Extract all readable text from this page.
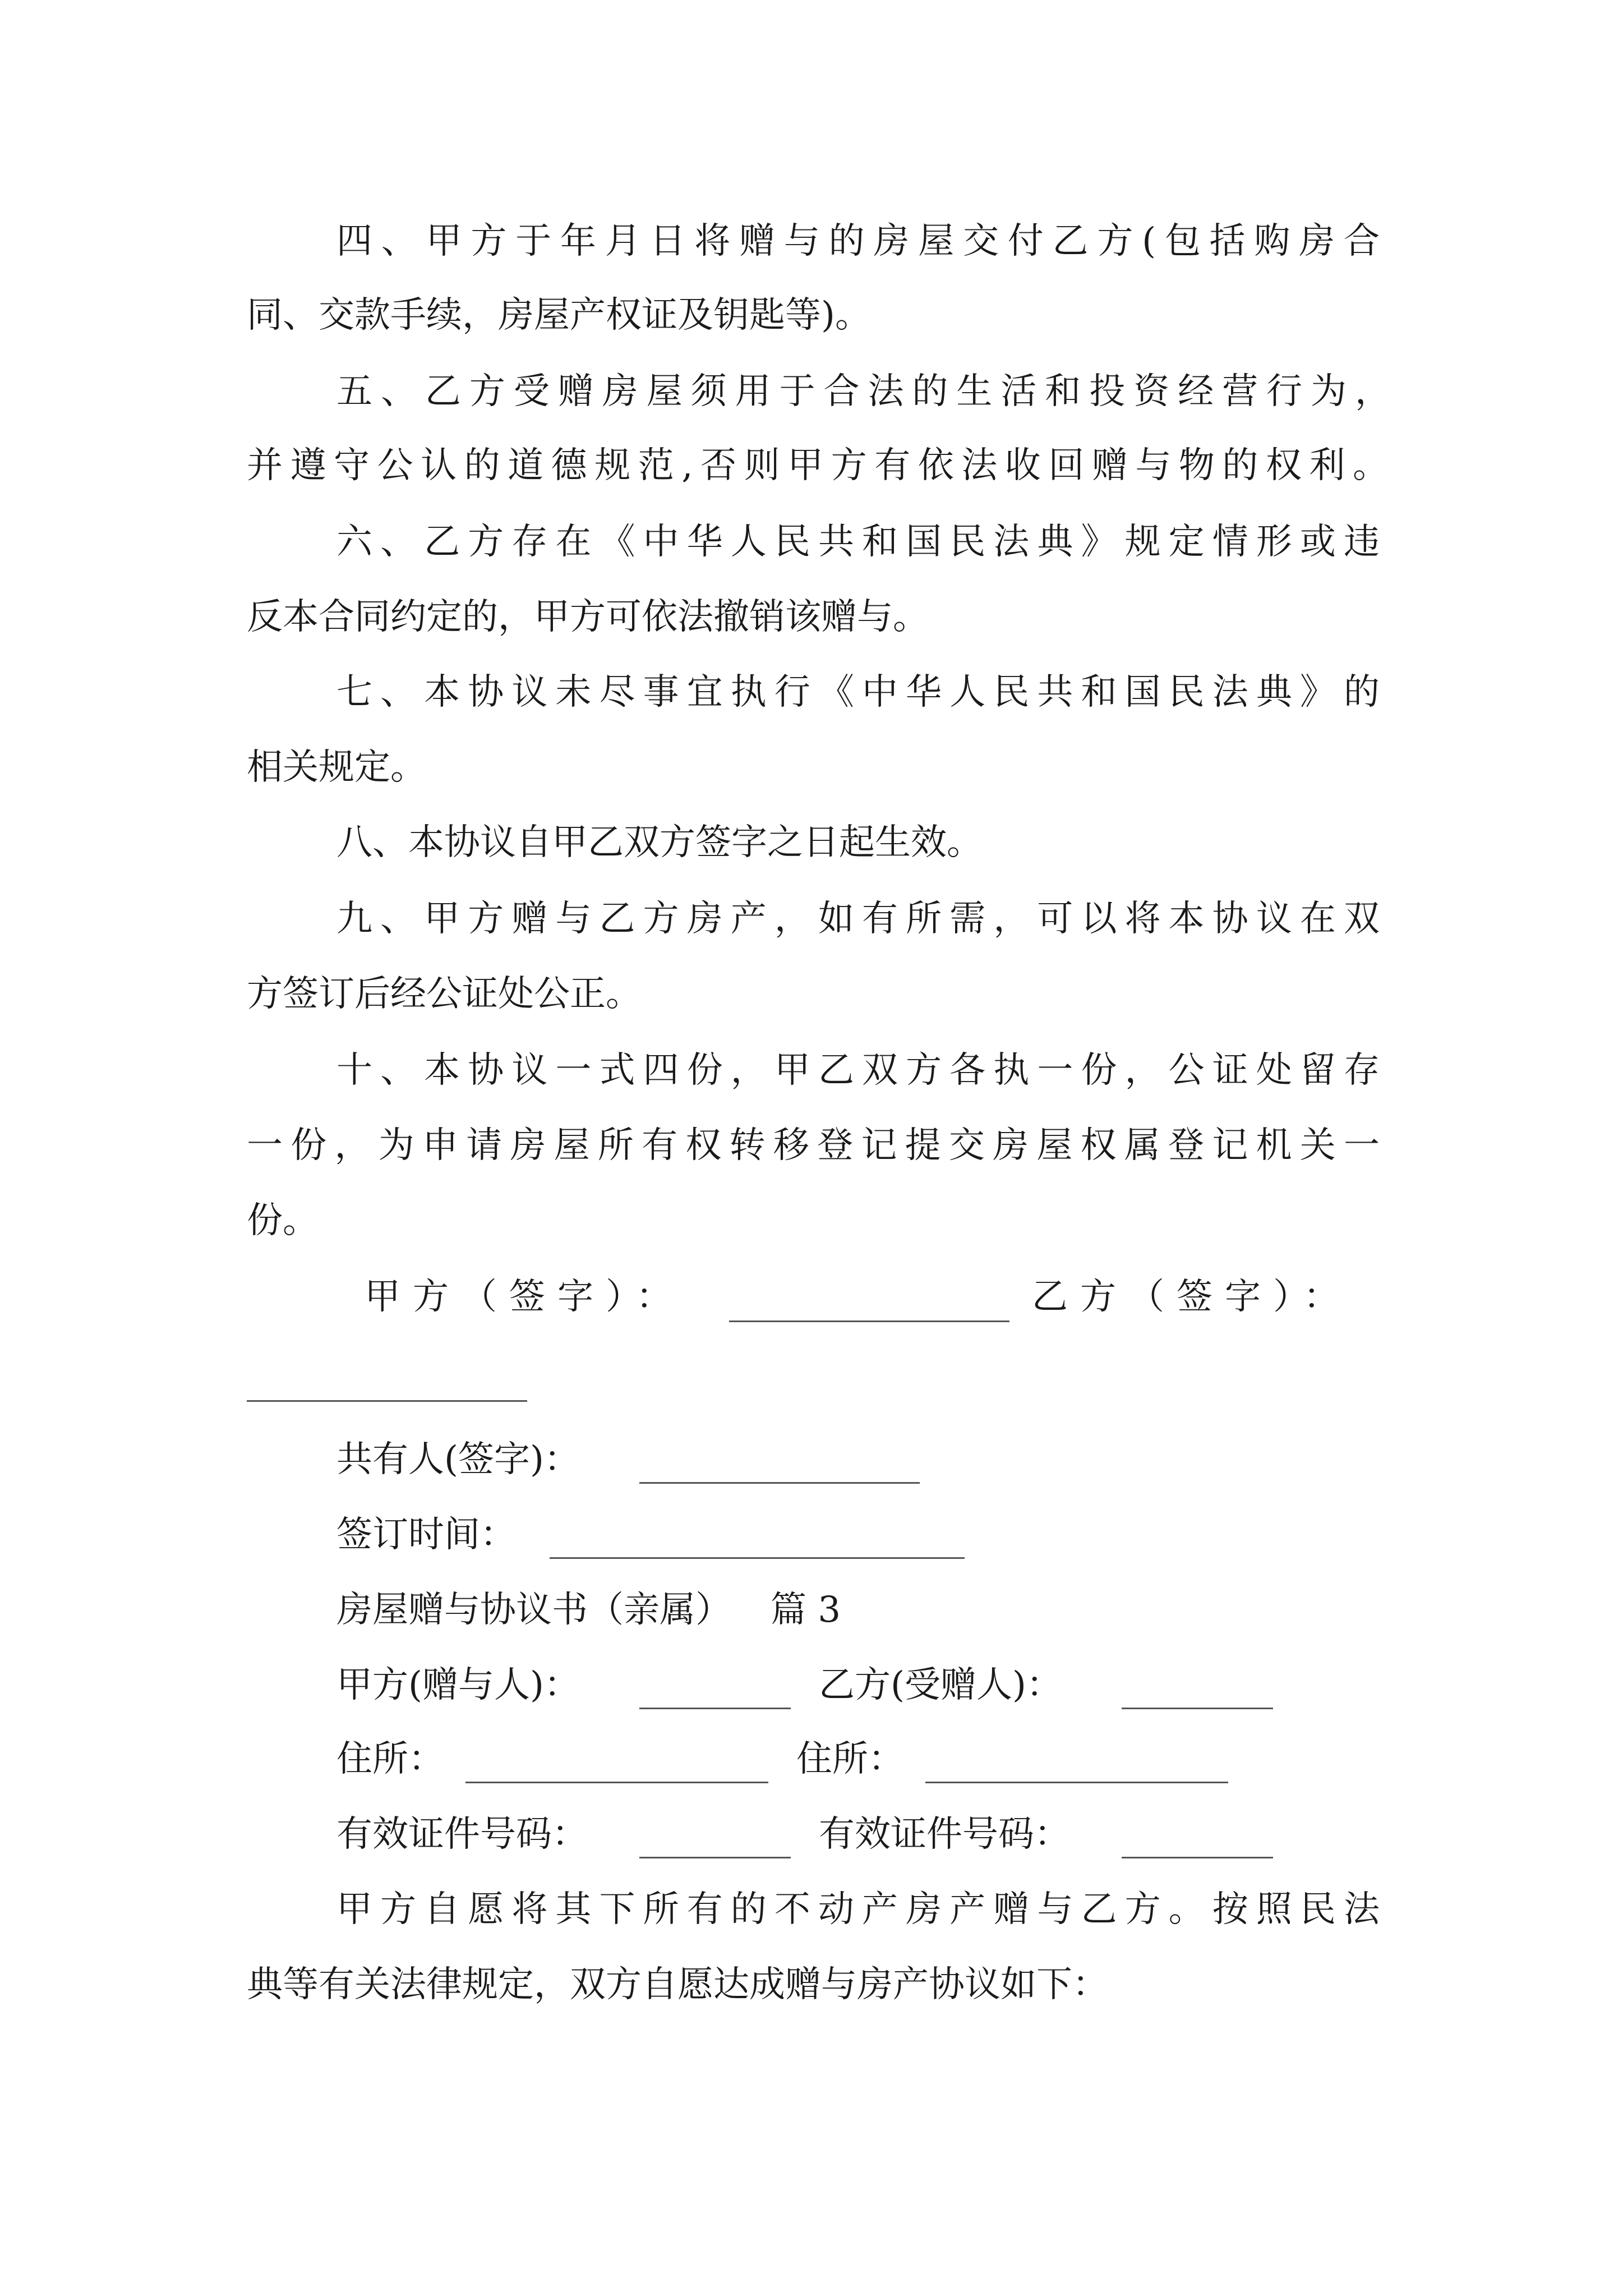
四、甲方于年月日将赠与的房屋交付乙方(包括购房合
同、交款手续，房屋产权证及钥匙等)。
五、乙方受赠房屋须用于合法的生活和投资经营行为，
并遵守公认的道德规范,否则甲方有依法收回赠与物的权利。
六、乙方存在《中华人民共和国民法典》规定情形或违
反本合同约定的，甲方可依法撤销该赠与。
七、本协议未尽事宜执行《中华人民共和国民法典》的
相关规定。
八、本协议自甲乙双方签字之日起生效。
九、甲方赠与乙方房产，如有所需，可以将本协议在双
方签订后经公证处公正。
十、本协议一式四份，甲乙双方各执一份，公证处留存
一份，为申请房屋所有权转移登记提交房屋权属登记机关一
份。
甲方（签字）：	乙方（签字）：
共有人(签字)：
签订时间：
房屋赠与协议书（亲属） 篇 3
甲方(赠与人)：	乙方(受赠人)：
住所：	住所：
有效证件号码：	有效证件号码：
甲方自愿将其下所有的不动产房产赠与乙方。按照民法
典等有关法律规定，双方自愿达成赠与房产协议如下：
